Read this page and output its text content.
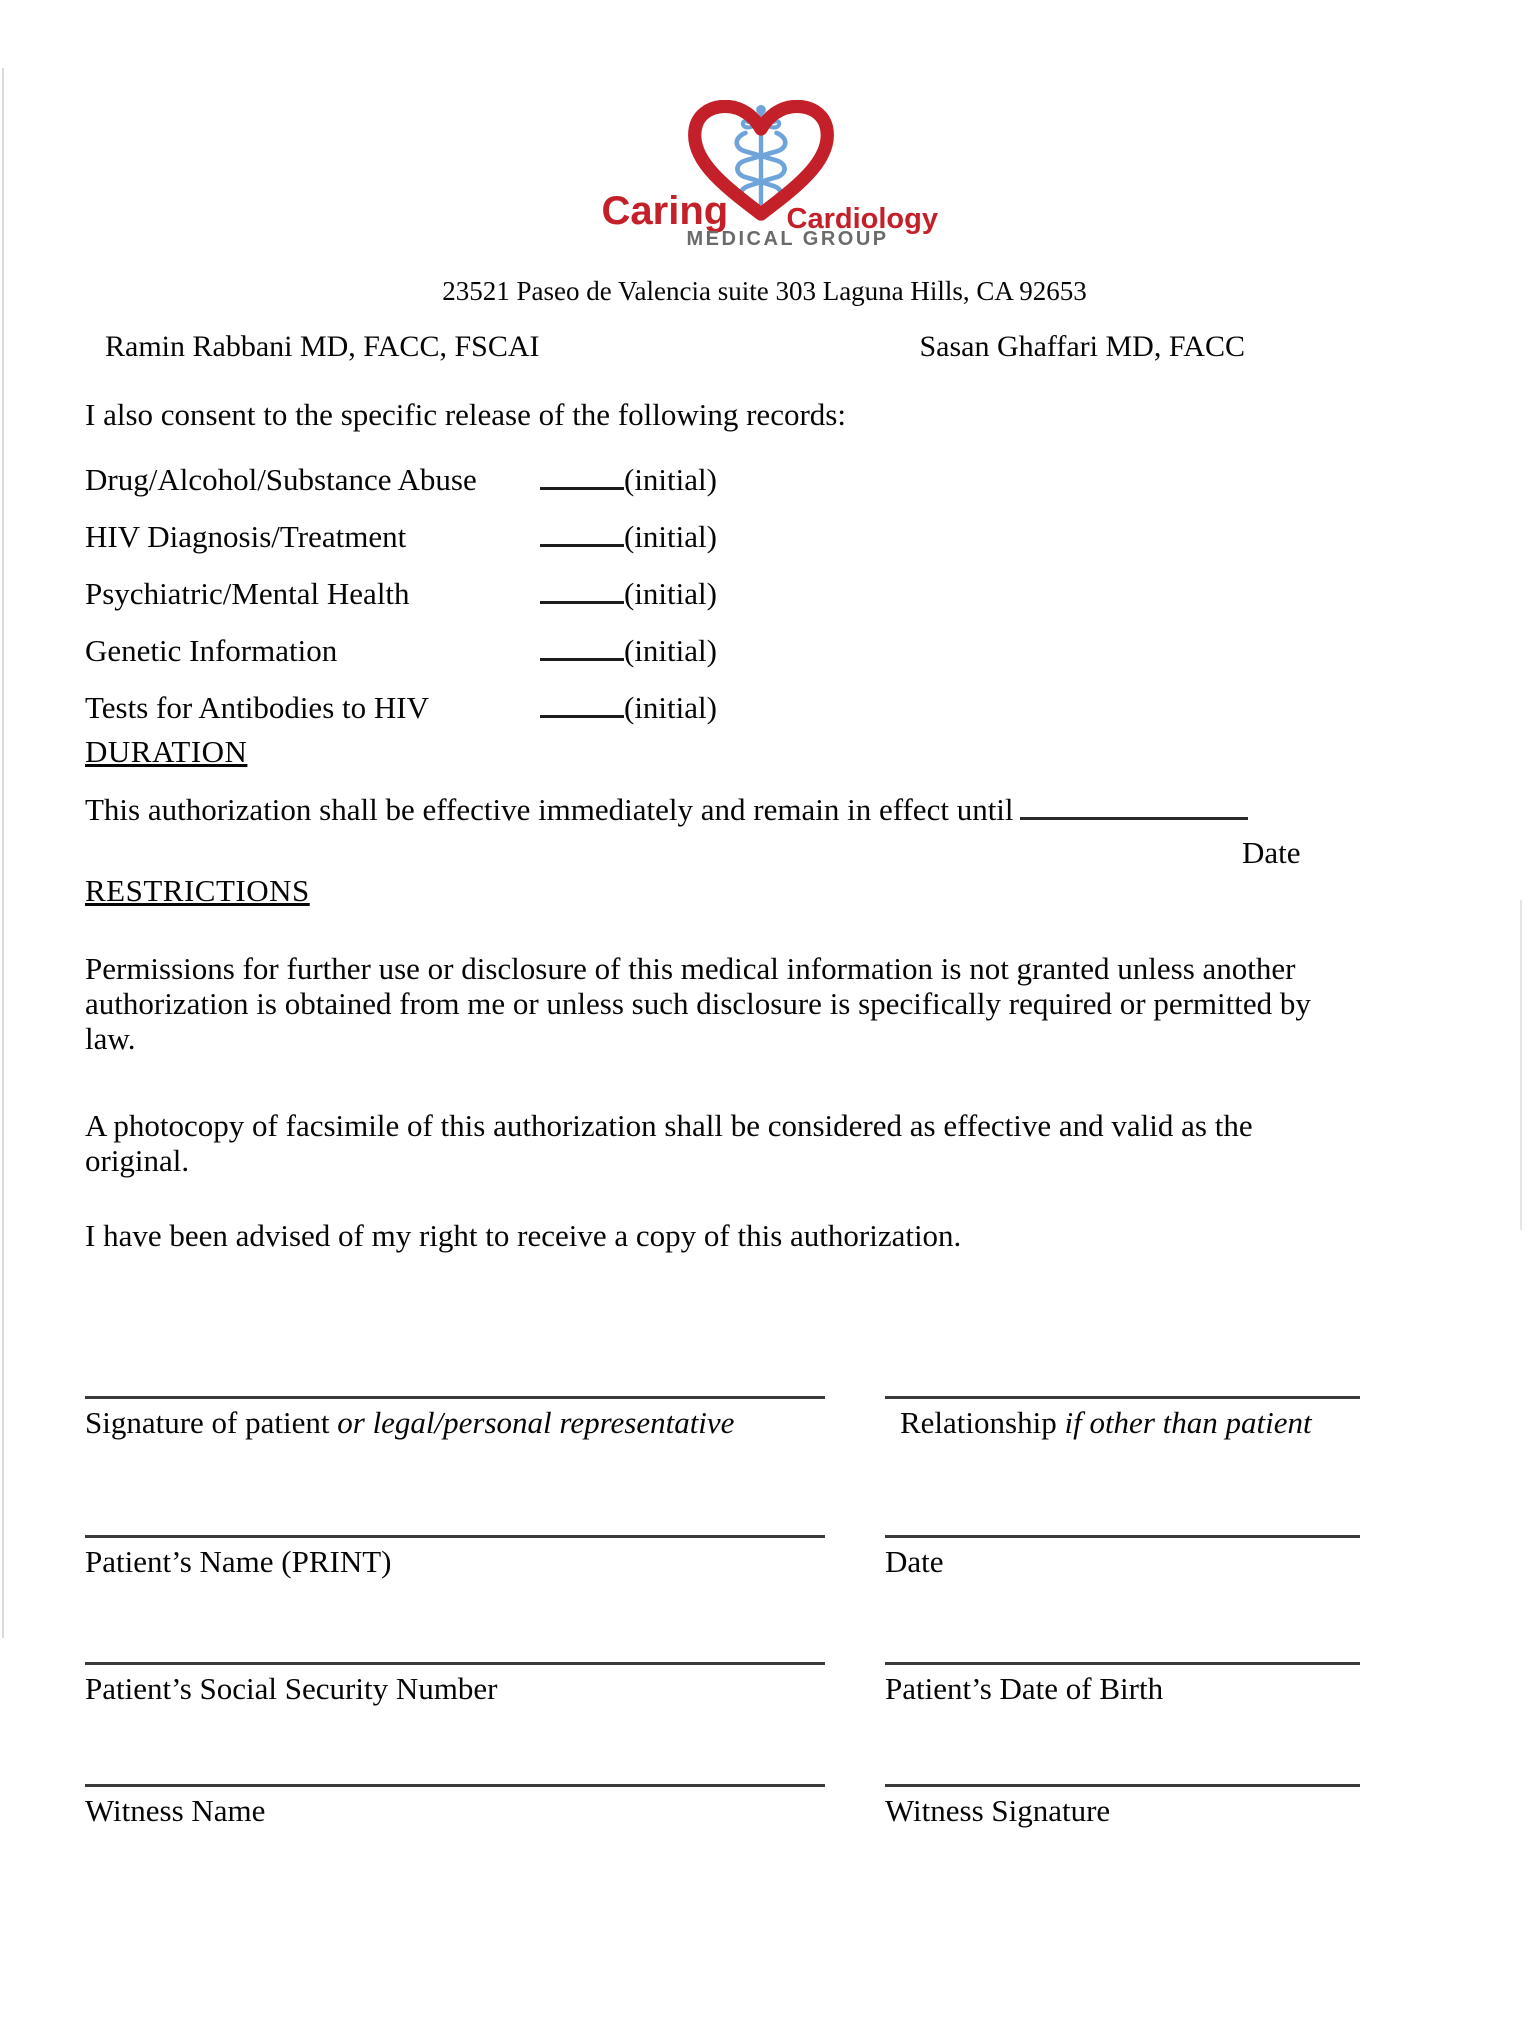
Caring Cardiology
MEDICAL GROUP
23521 Paseo de Valencia suite 303 Laguna Hills, CA 92653
Ramin Rabbani MD, FACC, FSCAI	Sasan Ghaffari MD, FACC
I also consent to the specific release of the following records:
Drug/Alcohol/Substance Abuse	(initial)
HIV Diagnosis/Treatment	(initial)
Psychiatric/Mental Health	(initial)
Genetic Information	(initial)
Tests for Antibodies to HIV	(initial)
DURATION
This authorization shall be effective immediately and remain in effect until
Date
RESTRICTIONS
Permissions for further use or disclosure of this medical information is not granted unless another authorization is obtained from me or unless such disclosure is specifically required or permitted by law.
A photocopy of facsimile of this authorization shall be considered as effective and valid as the original.
I have been advised of my right to receive a copy of this authorization.
Signature of patient or legal/personal representative	Relationship if other than patient
Patient’s Name (PRINT)	Date
Patient’s Social Security Number	Patient’s Date of Birth
Witness Name	Witness Signature
